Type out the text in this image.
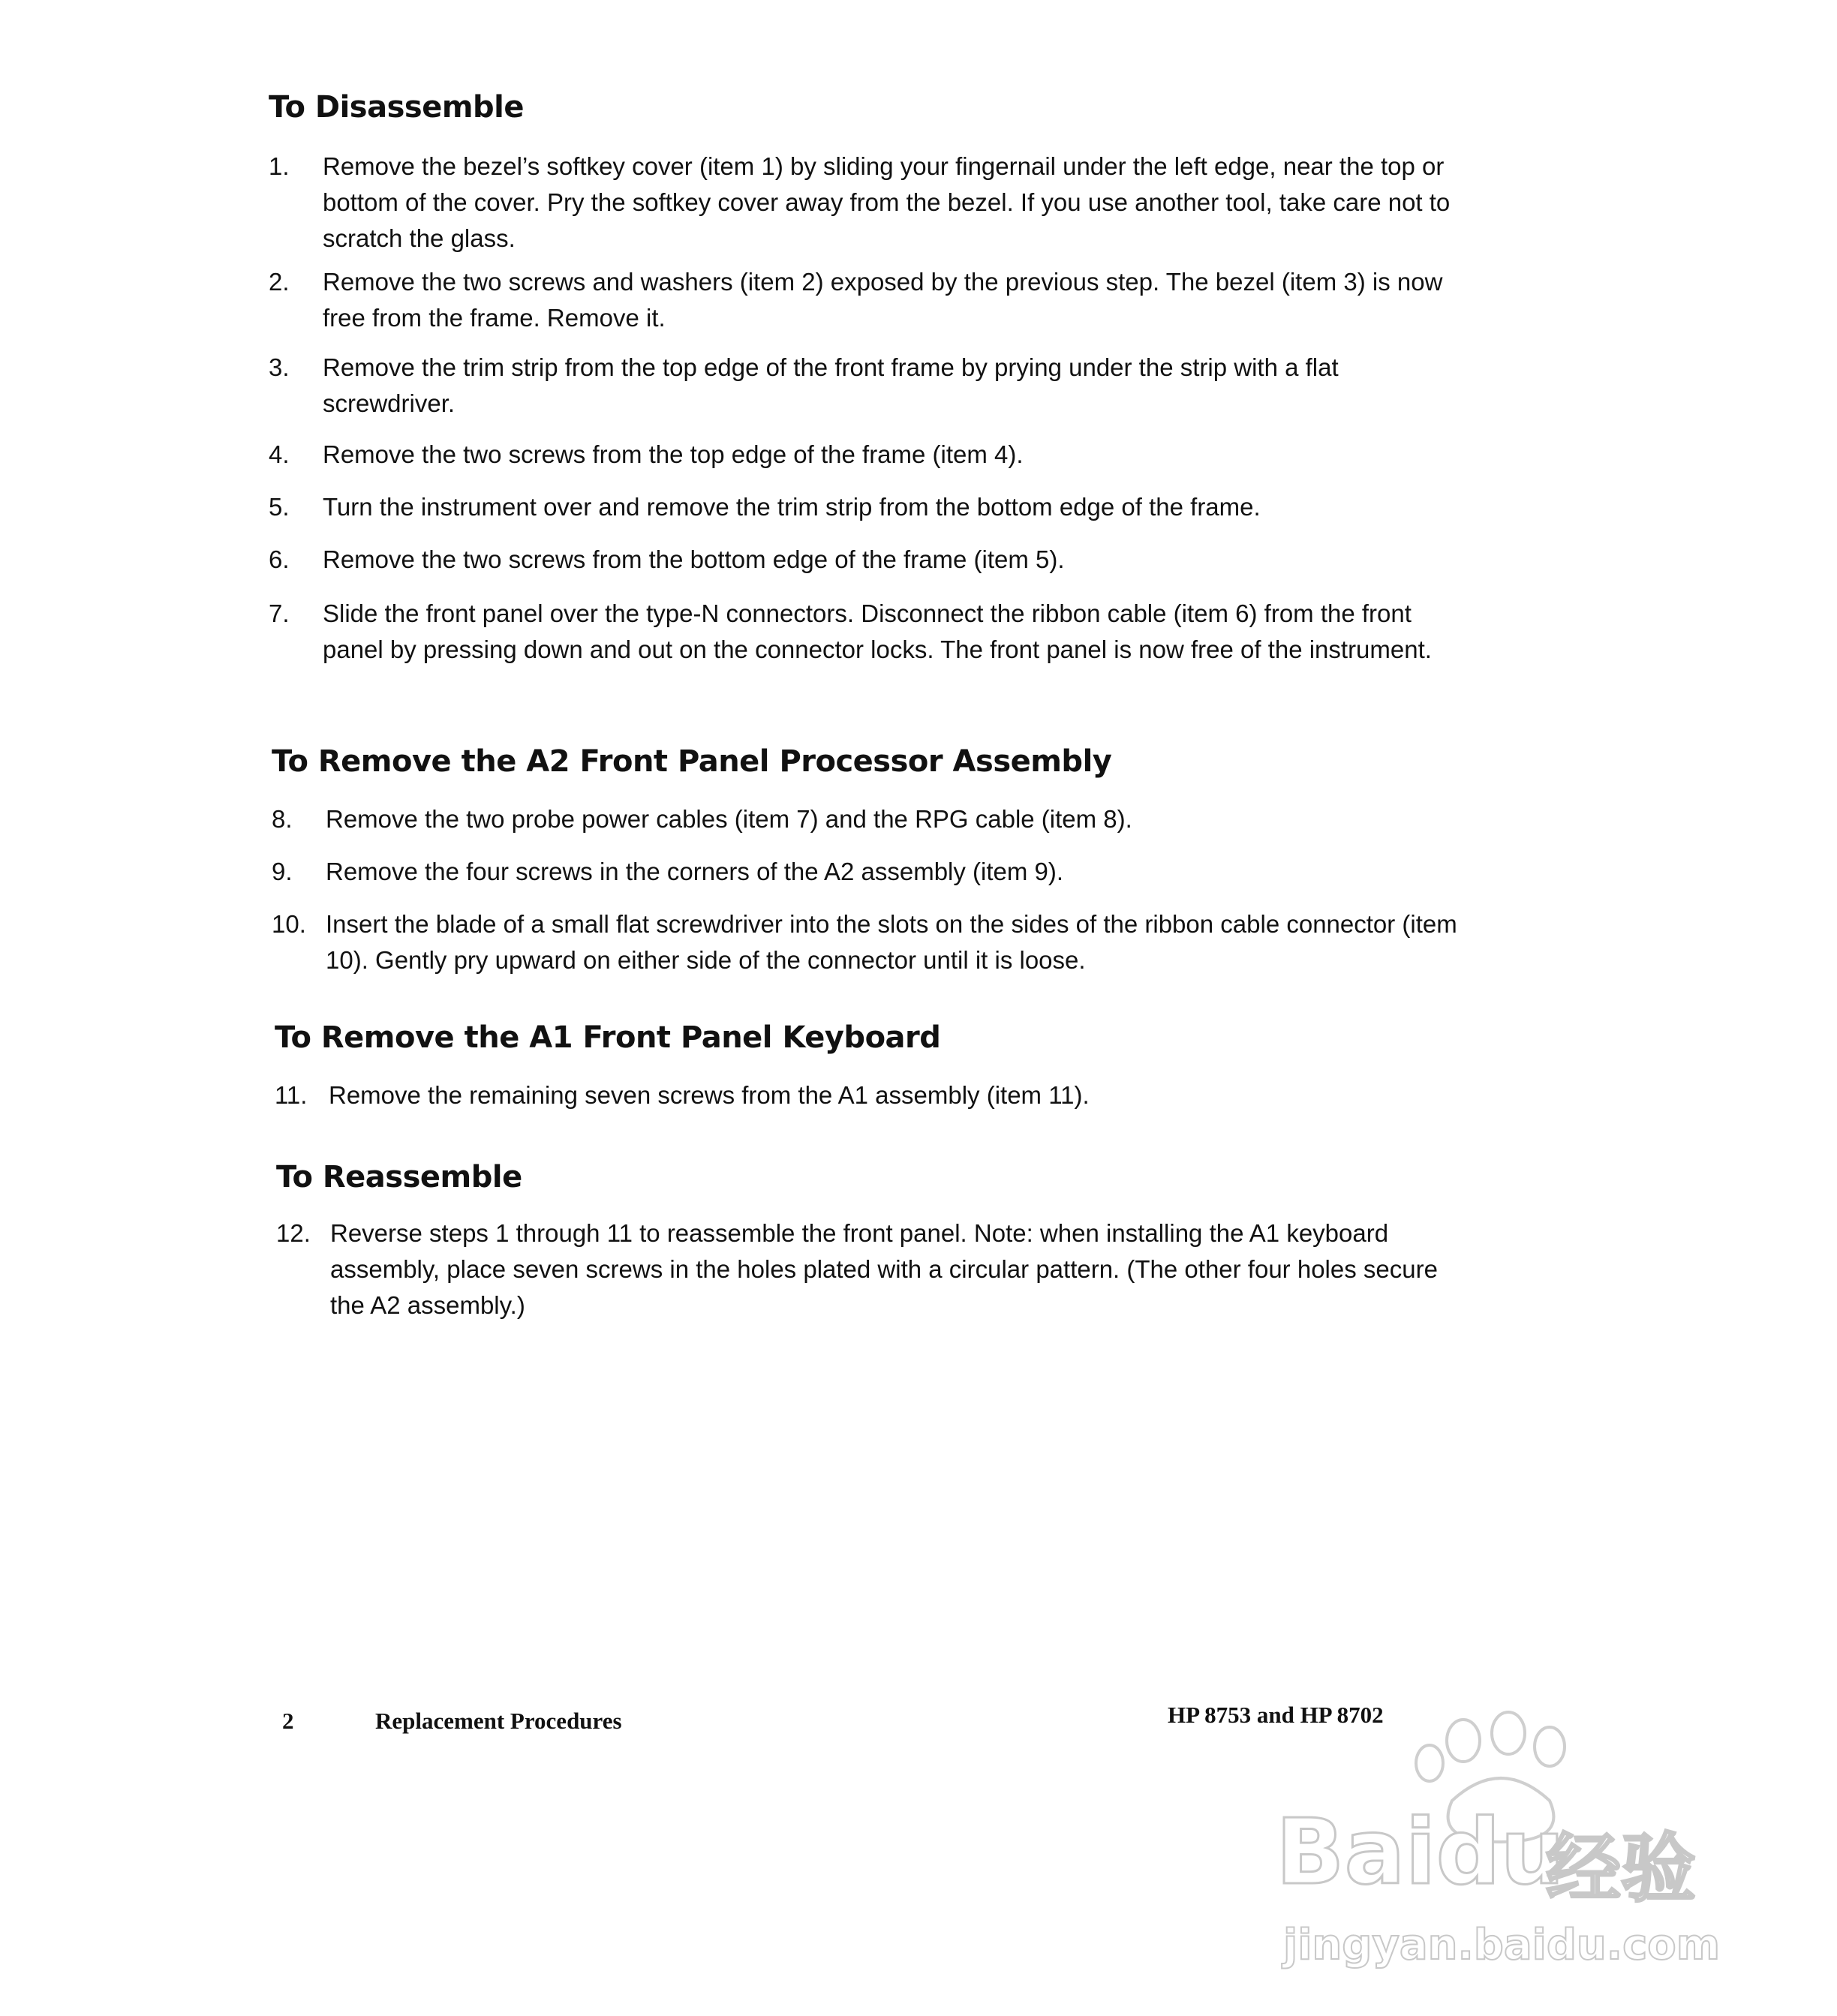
To Disassemble
1. Remove the bezel’s softkey cover (item 1) by sliding your fingernail under the left edge, near the top or bottom of the cover. Pry the softkey cover away from the bezel. If you use another tool, take care not to scratch the glass.
2. Remove the two screws and washers (item 2) exposed by the previous step. The bezel (item 3) is now free from the frame. Remove it.
3. Remove the trim strip from the top edge of the front frame by prying under the strip with a flat screwdriver.
4. Remove the two screws from the top edge of the frame (item 4).
5. Turn the instrument over and remove the trim strip from the bottom edge of the frame.
6. Remove the two screws from the bottom edge of the frame (item 5).
7. Slide the front panel over the type-N connectors. Disconnect the ribbon cable (item 6) from the front panel by pressing down and out on the connector locks. The front panel is now free of the instrument.
To Remove the A2 Front Panel Processor Assembly
8. Remove the two probe power cables (item 7) and the RPG cable (item 8).
9. Remove the four screws in the corners of the A2 assembly (item 9).
10. Insert the blade of a small flat screwdriver into the slots on the sides of the ribbon cable connector (item 10). Gently pry upward on either side of the connector until it is loose.
To Remove the A1 Front Panel Keyboard
11. Remove the remaining seven screws from the A1 assembly (item 11).
To Reassemble
12. Reverse steps 1 through 11 to reassemble the front panel. Note: when installing the A1 keyboard assembly, place seven screws in the holes plated with a circular pattern. (The other four holes secure the A2 assembly.)
2	Replacement Procedures	HP 8753 and HP 8702
Baidu
经验
jingyan.baidu.com
